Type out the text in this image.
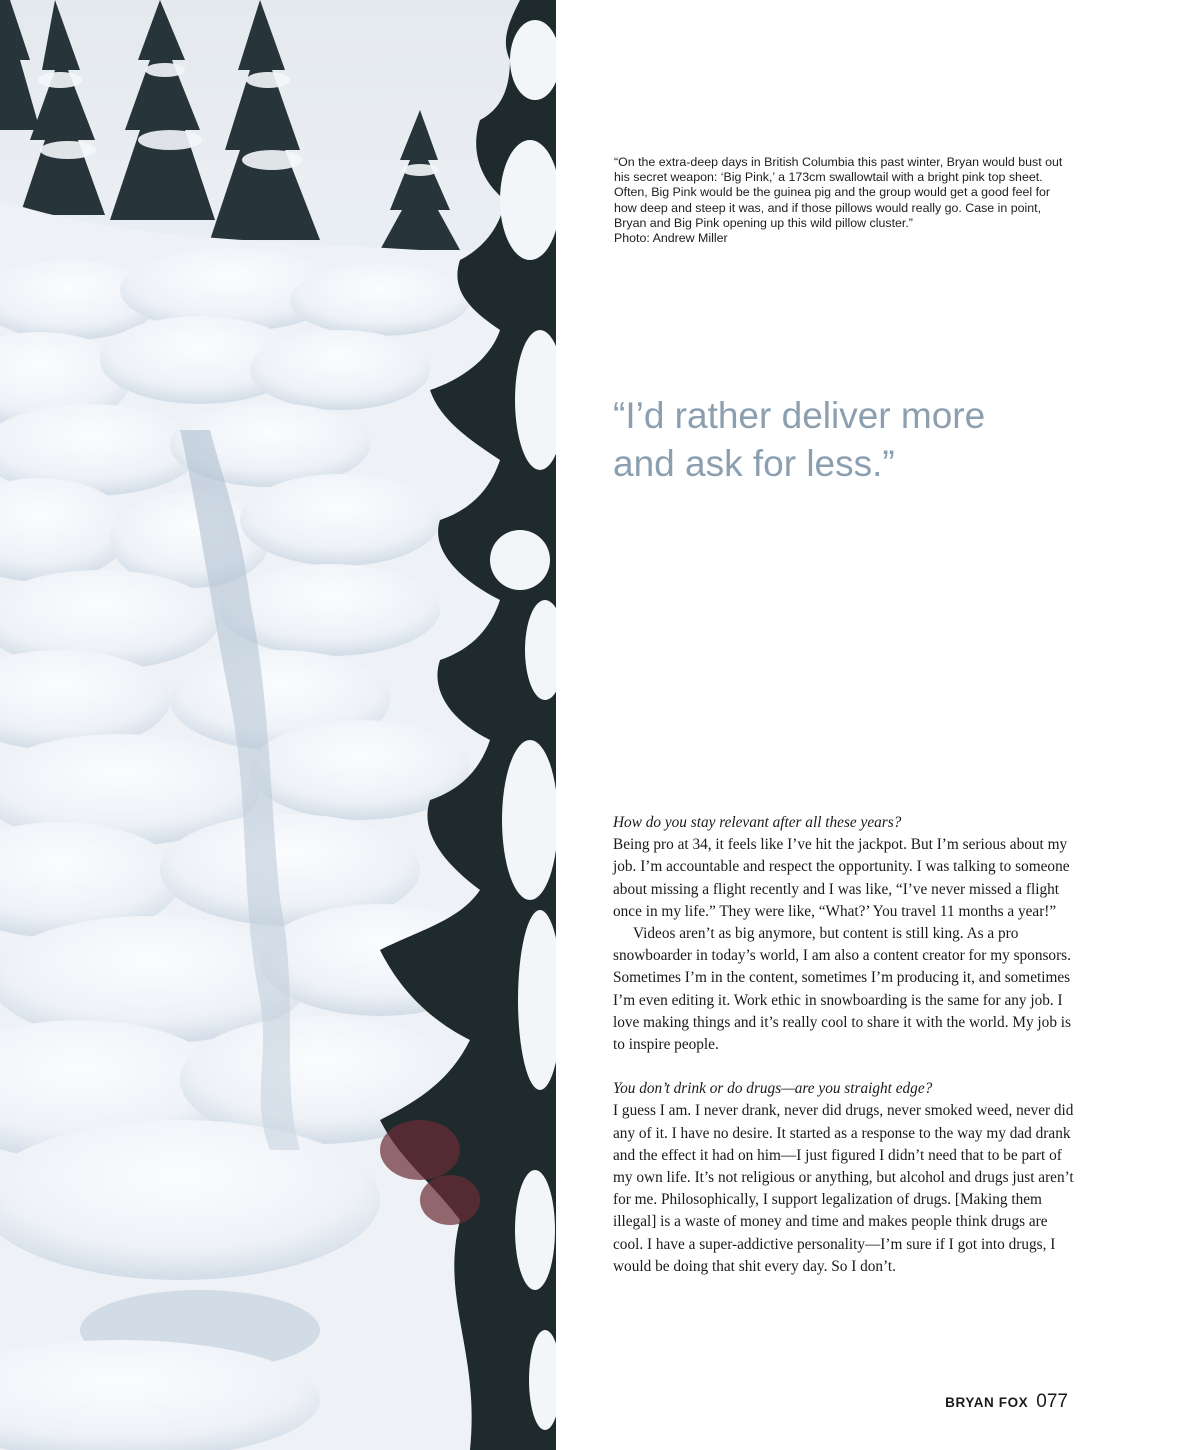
“On the extra-deep days in British Columbia this past winter, Bryan would bust out his secret weapon: ‘Big Pink,’ a 173cm swallowtail with a bright pink top sheet. Often, Big Pink would be the guinea pig and the group would get a good feel for how deep and steep it was, and if those pillows would really go. Case in point, Bryan and Big Pink opening up this wild pillow cluster.”

Photo: Andrew Miller

“I’d rather deliver more
and ask for less.”

How do you stay relevant after all these years?

Being pro at 34, it feels like I’ve hit the jackpot. But I’m serious about my job. I’m accountable and respect the opportunity. I was talking to someone about missing a flight recently and I was like, “I’ve never missed a flight once in my life.” They were like, “What?’ You travel 11 months a year!”

Videos aren’t as big anymore, but content is still king. As a pro snowboarder in today’s world, I am also a content creator for my sponsors. Sometimes I’m in the content, sometimes I’m producing it, and sometimes I’m even editing it. Work ethic in snowboarding is the same for any job. I love making things and it’s really cool to share it with the world. My job is to inspire people.

You don’t drink or do drugs—are you straight edge?

I guess I am. I never drank, never did drugs, never smoked weed, never did any of it. I have no desire. It started as a response to the way my dad drank and the effect it had on him—I just figured I didn’t need that to be part of my own life. It’s not religious or anything, but alcohol and drugs just aren’t for me. Philosophically, I support legalization of drugs. [Making them illegal] is a waste of money and time and makes people think drugs are cool. I have a super-addictive personality—I’m sure if I got into drugs, I would be doing that shit every day. So I don’t.

BRYAN FOX 077
